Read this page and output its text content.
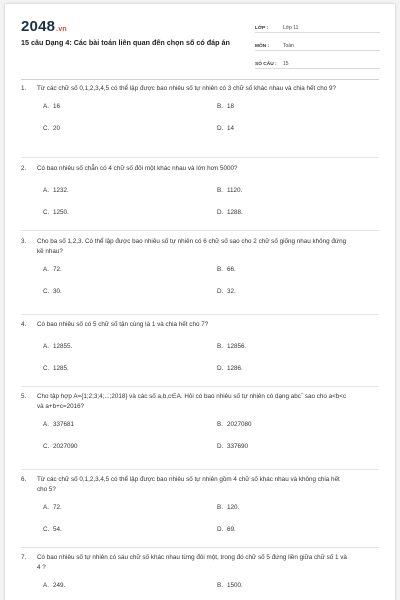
2048.vn
15 câu Dạng 4: Các bài toán liên quan đến chọn số có đáp án
LỚP :	Lớp 11
MÔN :	Toán
SỐ CÂU :	15
1.	Từ các chữ số 0,1,2,3,4,5 có thể lập được bao nhiêu số tự nhiên có 3 chữ số khác nhau và chia hết cho 9?
A. 16	B. 18
C. 20	D. 14
2.	Có bao nhiêu số chẵn có 4 chữ số đôi một khác nhau và lớn hơn 5000?
A. 1232.	B. 1120.
C. 1250.	D. 1288.
3.	Cho ba số 1,2,3. Có thể lập được bao nhiêu số tự nhiên có 6 chữ số sao cho 2 chữ số giống nhau không đứng kề nhau?
A. 72.	B. 66.
C. 30.	D. 32.
4.	Có bao nhiêu số có 5 chữ số tận cùng là 1 và chia hết cho 7?
A. 12855.	B. 12856.
C. 1285.	D. 1286.
5.	Cho tập hợp A={1;2;3;4;...;2018} và các số a,b,c∈A. Hỏi có bao nhiêu số tự nhiên có dạng abc‾ sao cho a<b<c và a+b+c=2016?
A. 337681	B. 2027080
C. 2027090	D. 337690
6.	Từ các chữ số 0,1,2,3,4,5 có thể lập được bao nhiêu số tự nhiên gồm 4 chữ số khác nhau và không chia hết cho 5?
A. 72.	B. 120.
C. 54.	D. 69.
7.	Có bao nhiêu số tự nhiên có sáu chữ số khác nhau từng đôi một, trong đó chữ số 5 đứng liền giữa chữ số 1 và 4 ?
A. 249.	B. 1500.
